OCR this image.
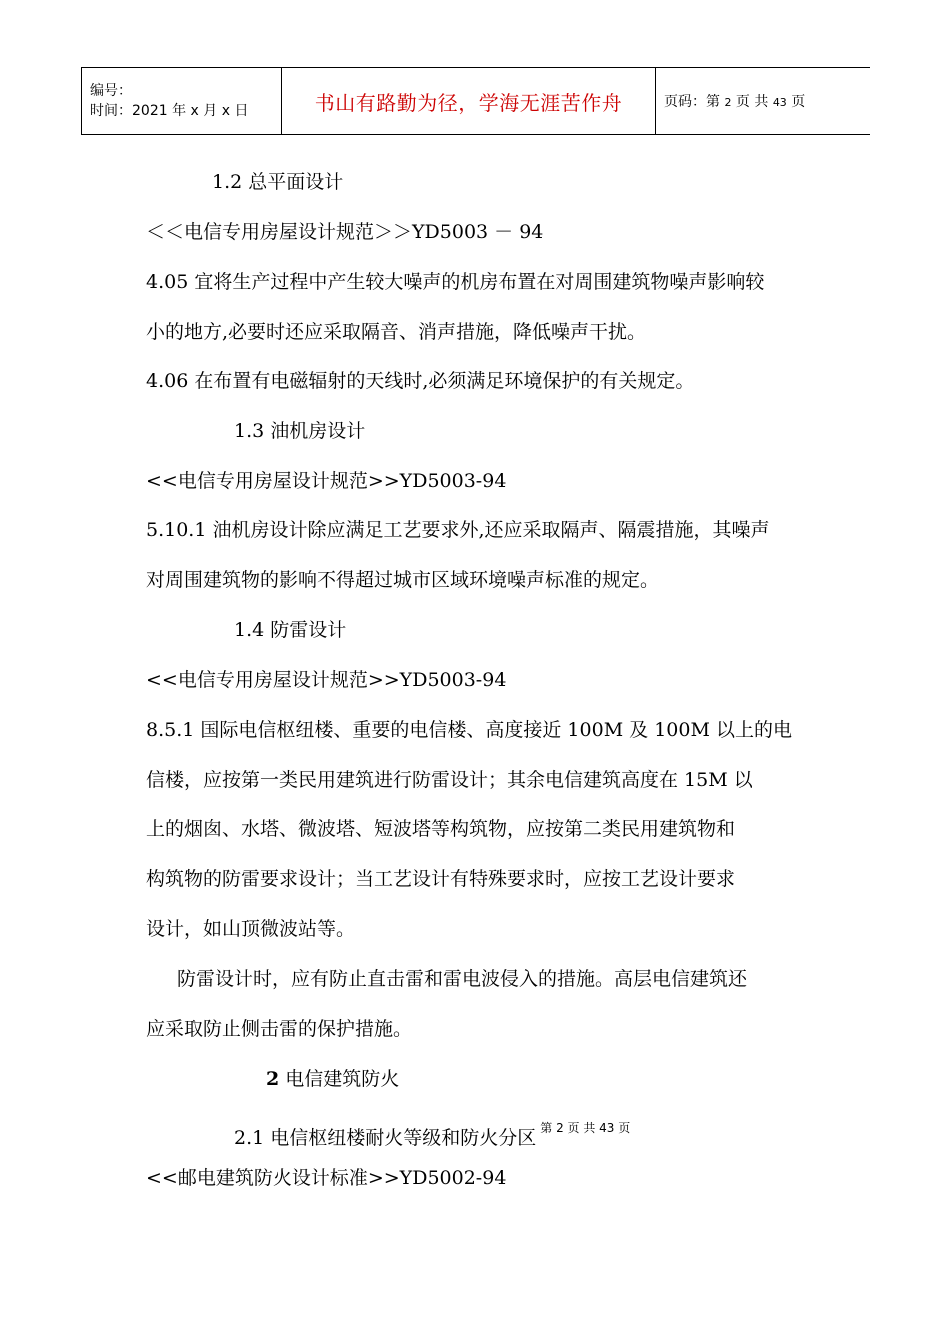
编号：
时间：2021 年 x 月 x 日	书山有路勤为径，学海无涯苦作舟	页码：第 2 页 共 43 页
1.2 总平面设计
＜＜电信专用房屋设计规范＞＞YD5003 － 94
4.05 宜将生产过程中产生较大噪声的机房布置在对周围建筑物噪声影响较
小的地方,必要时还应采取隔音、消声措施，降低噪声干扰。
4.06 在布置有电磁辐射的天线时,必须满足环境保护的有关规定。
1.3 油机房设计
<<电信专用房屋设计规范>>YD5003-94
5.10.1 油机房设计除应满足工艺要求外,还应采取隔声、隔震措施，其噪声
对周围建筑物的影响不得超过城市区域环境噪声标准的规定。
1.4 防雷设计
<<电信专用房屋设计规范>>YD5003-94
8.5.1 国际电信枢纽楼、重要的电信楼、高度接近 100M 及 100M 以上的电
信楼，应按第一类民用建筑进行防雷设计；其余电信建筑高度在 15M 以
上的烟囱、水塔、微波塔、短波塔等构筑物，应按第二类民用建筑物和
构筑物的防雷要求设计；当工艺设计有特殊要求时，应按工艺设计要求
设计，如山顶微波站等。
防雷设计时，应有防止直击雷和雷电波侵入的措施。高层电信建筑还
应采取防止侧击雷的保护措施。
2 电信建筑防火
2.1 电信枢纽楼耐火等级和防火分区 $^{第 2 页 共 43 页}$
<<邮电建筑防火设计标准>>YD5002-94
